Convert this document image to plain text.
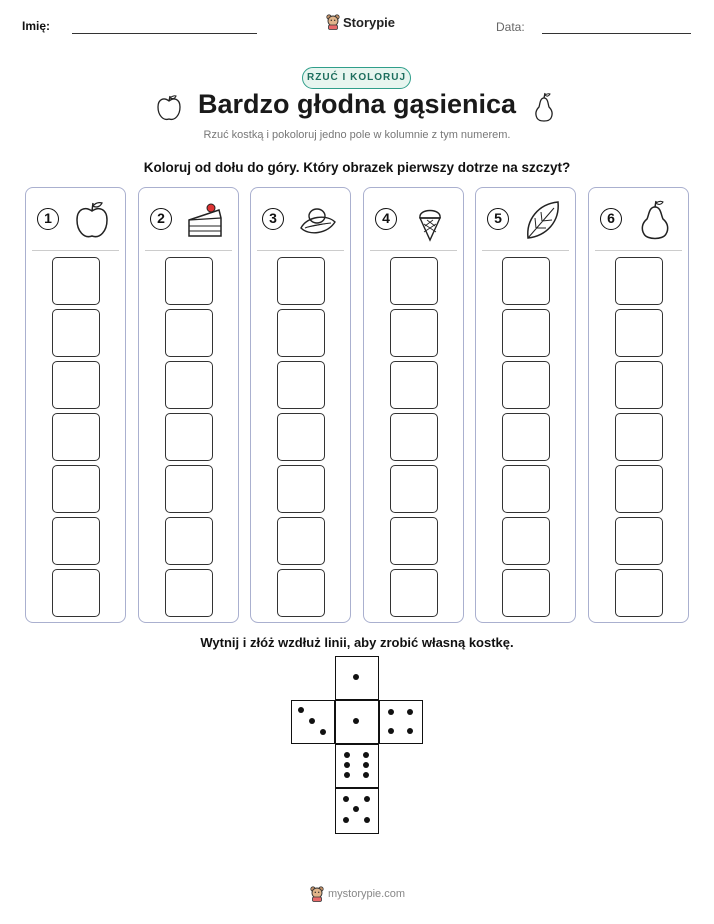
Imię:	Storypie	Data:
RZUĆ I KOLORUJ
Bardzo głodna gąsienica
Rzuć kostką i pokoloruj jedno pole w kolumnie z tym numerem.
Koloruj od dołu do góry. Który obrazek pierwszy dotrze na szczyt?
1	2	3	4	5	6
Wytnij i złóż wzdłuż linii, aby zrobić własną kostkę.
mystorypie.com
